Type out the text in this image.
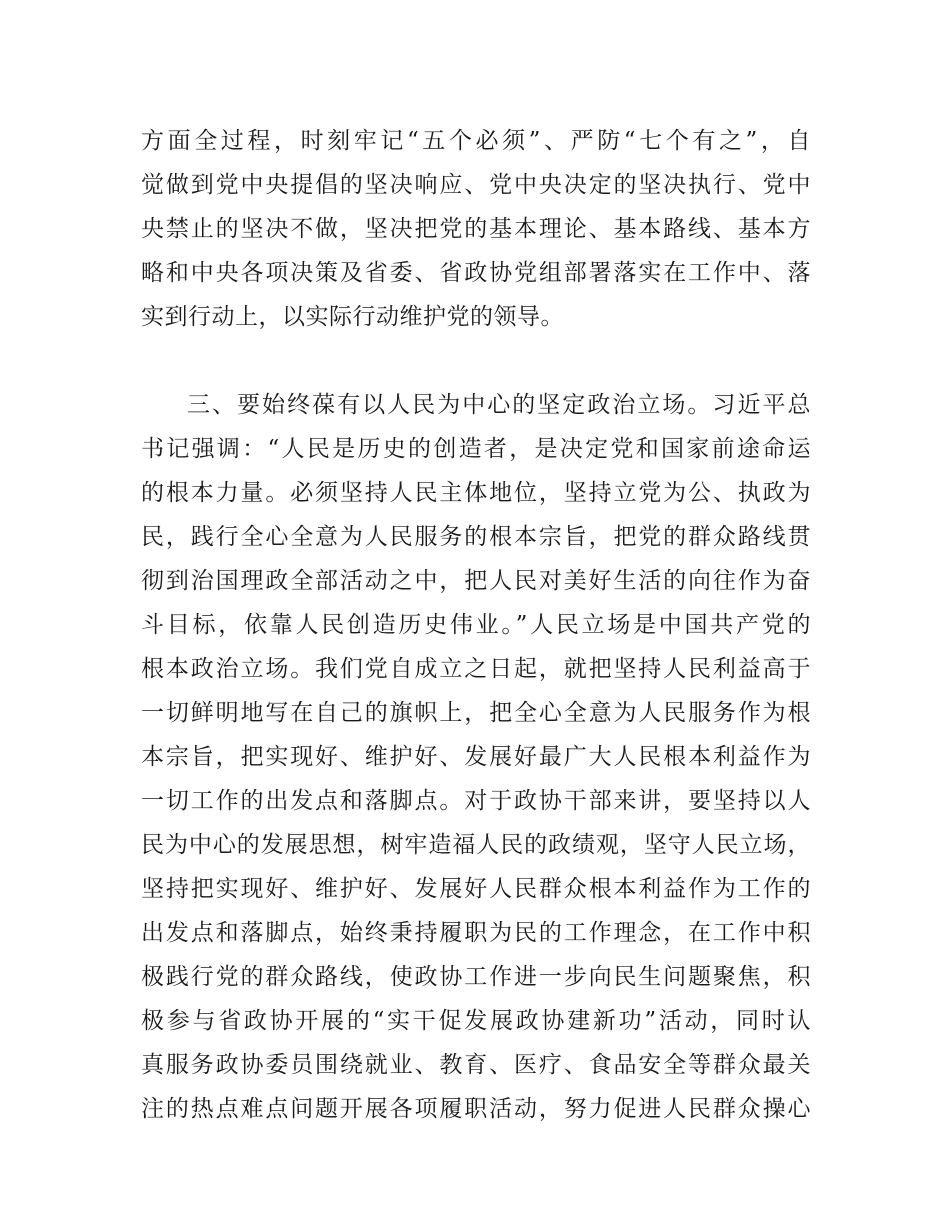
方面全过程，时刻牢记“五个必须”、严防“七个有之”，自
觉做到党中央提倡的坚决响应、党中央决定的坚决执行、党中
央禁止的坚决不做，坚决把党的基本理论、基本路线、基本方
略和中央各项决策及省委、省政协党组部署落实在工作中、落
实到行动上，以实际行动维护党的领导。
三、要始终葆有以人民为中心的坚定政治立场。习近平总
书记强调：“人民是历史的创造者，是决定党和国家前途命运
的根本力量。必须坚持人民主体地位，坚持立党为公、执政为
民，践行全心全意为人民服务的根本宗旨，把党的群众路线贯
彻到治国理政全部活动之中，把人民对美好生活的向往作为奋
斗目标，依靠人民创造历史伟业。”人民立场是中国共产党的
根本政治立场。我们党自成立之日起，就把坚持人民利益高于
一切鲜明地写在自己的旗帜上，把全心全意为人民服务作为根
本宗旨，把实现好、维护好、发展好最广大人民根本利益作为
一切工作的出发点和落脚点。对于政协干部来讲，要坚持以人
民为中心的发展思想，树牢造福人民的政绩观，坚守人民立场，
坚持把实现好、维护好、发展好人民群众根本利益作为工作的
出发点和落脚点，始终秉持履职为民的工作理念，在工作中积
极践行党的群众路线，使政协工作进一步向民生问题聚焦，积
极参与省政协开展的“实干促发展政协建新功”活动，同时认
真服务政协委员围绕就业、教育、医疗、食品安全等群众最关
注的热点难点问题开展各项履职活动，努力促进人民群众操心
